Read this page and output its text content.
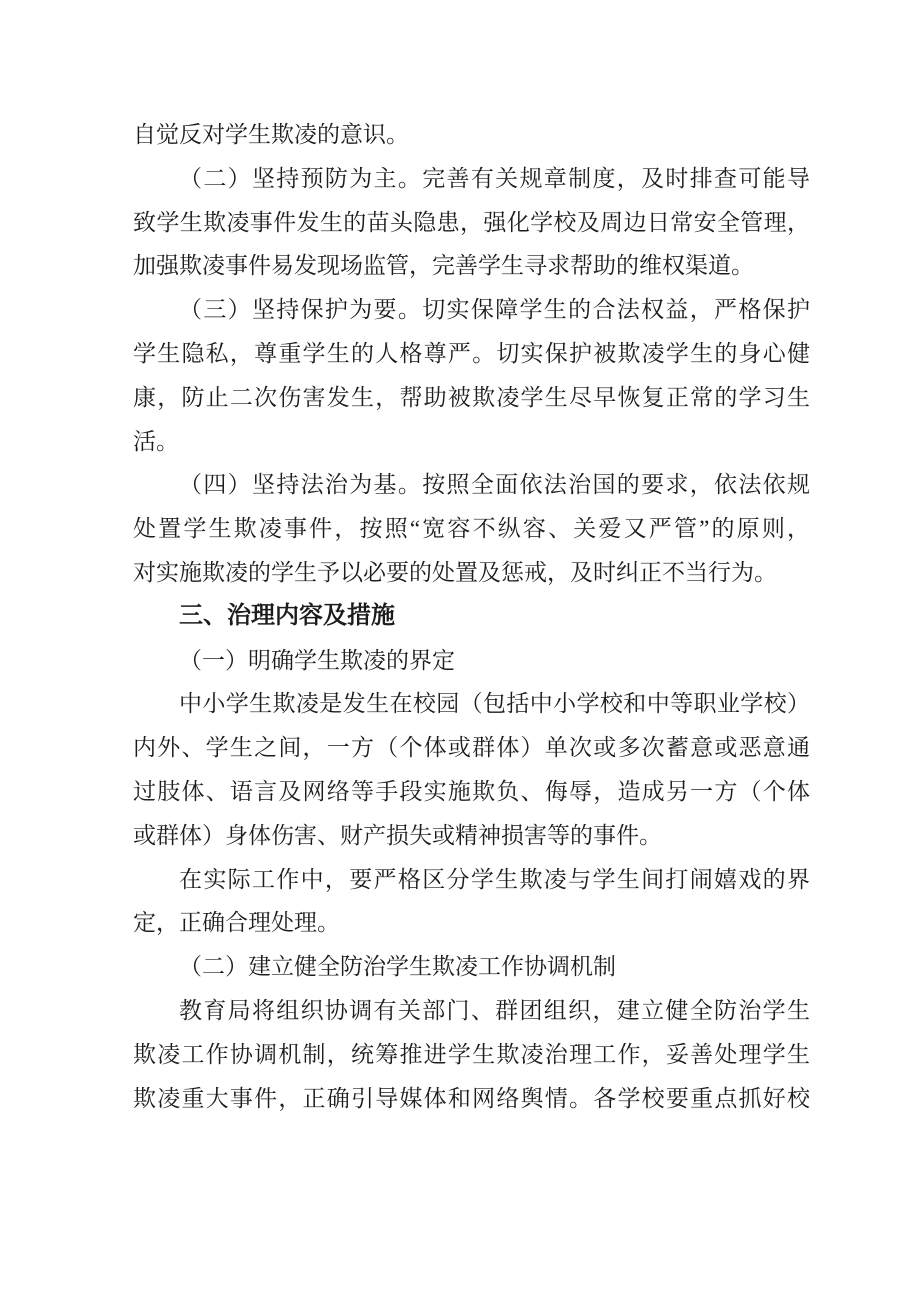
自觉反对学生欺凌的意识。
（二）坚持预防为主。完善有关规章制度，及时排查可能导
致学生欺凌事件发生的苗头隐患，强化学校及周边日常安全管理，
加强欺凌事件易发现场监管，完善学生寻求帮助的维权渠道。
（三）坚持保护为要。切实保障学生的合法权益，严格保护
学生隐私，尊重学生的人格尊严。切实保护被欺凌学生的身心健
康，防止二次伤害发生，帮助被欺凌学生尽早恢复正常的学习生
活。
（四）坚持法治为基。按照全面依法治国的要求，依法依规
处置学生欺凌事件，按照“宽容不纵容、关爱又严管”的原则，
对实施欺凌的学生予以必要的处置及惩戒，及时纠正不当行为。
三、治理内容及措施
（一）明确学生欺凌的界定
中小学生欺凌是发生在校园（包括中小学校和中等职业学校）
内外、学生之间，一方（个体或群体）单次或多次蓄意或恶意通
过肢体、语言及网络等手段实施欺负、侮辱，造成另一方（个体
或群体）身体伤害、财产损失或精神损害等的事件。
在实际工作中，要严格区分学生欺凌与学生间打闹嬉戏的界
定，正确合理处理。
（二）建立健全防治学生欺凌工作协调机制
教育局将组织协调有关部门、群团组织，建立健全防治学生
欺凌工作协调机制，统筹推进学生欺凌治理工作，妥善处理学生
欺凌重大事件，正确引导媒体和网络舆情。各学校要重点抓好校
